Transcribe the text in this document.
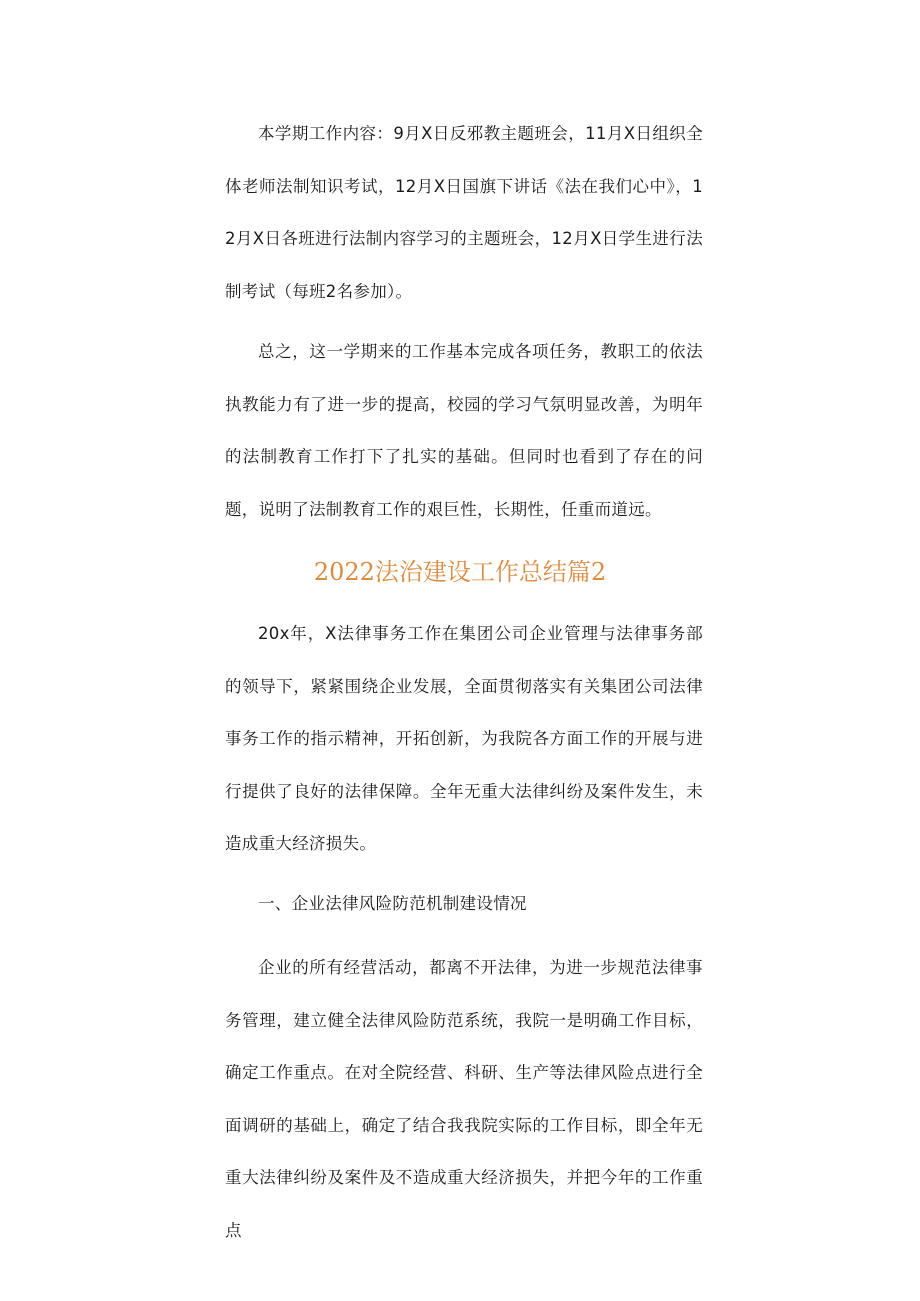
本学期工作内容：9月X日反邪教主题班会，11月X日组织全体老师法制知识考试，12月X日国旗下讲话《法在我们心中》，12月X日各班进行法制内容学习的主题班会，12月X日学生进行法制考试（每班2名参加）。

总之，这一学期来的工作基本完成各项任务，教职工的依法执教能力有了进一步的提高，校园的学习气氛明显改善，为明年的法制教育工作打下了扎实的基础。但同时也看到了存在的问题，说明了法制教育工作的艰巨性，长期性，任重而道远。

2022法治建设工作总结篇2

20x年，X法律事务工作在集团公司企业管理与法律事务部的领导下，紧紧围绕企业发展，全面贯彻落实有关集团公司法律事务工作的指示精神，开拓创新，为我院各方面工作的开展与进行提供了良好的法律保障。全年无重大法律纠纷及案件发生，未造成重大经济损失。

一、企业法律风险防范机制建设情况

企业的所有经营活动，都离不开法律，为进一步规范法律事务管理，建立健全法律风险防范系统，我院一是明确工作目标，确定工作重点。在对全院经营、科研、生产等法律风险点进行全面调研的基础上，确定了结合我我院实际的工作目标，即全年无重大法律纠纷及案件及不造成重大经济损失，并把今年的工作重点
